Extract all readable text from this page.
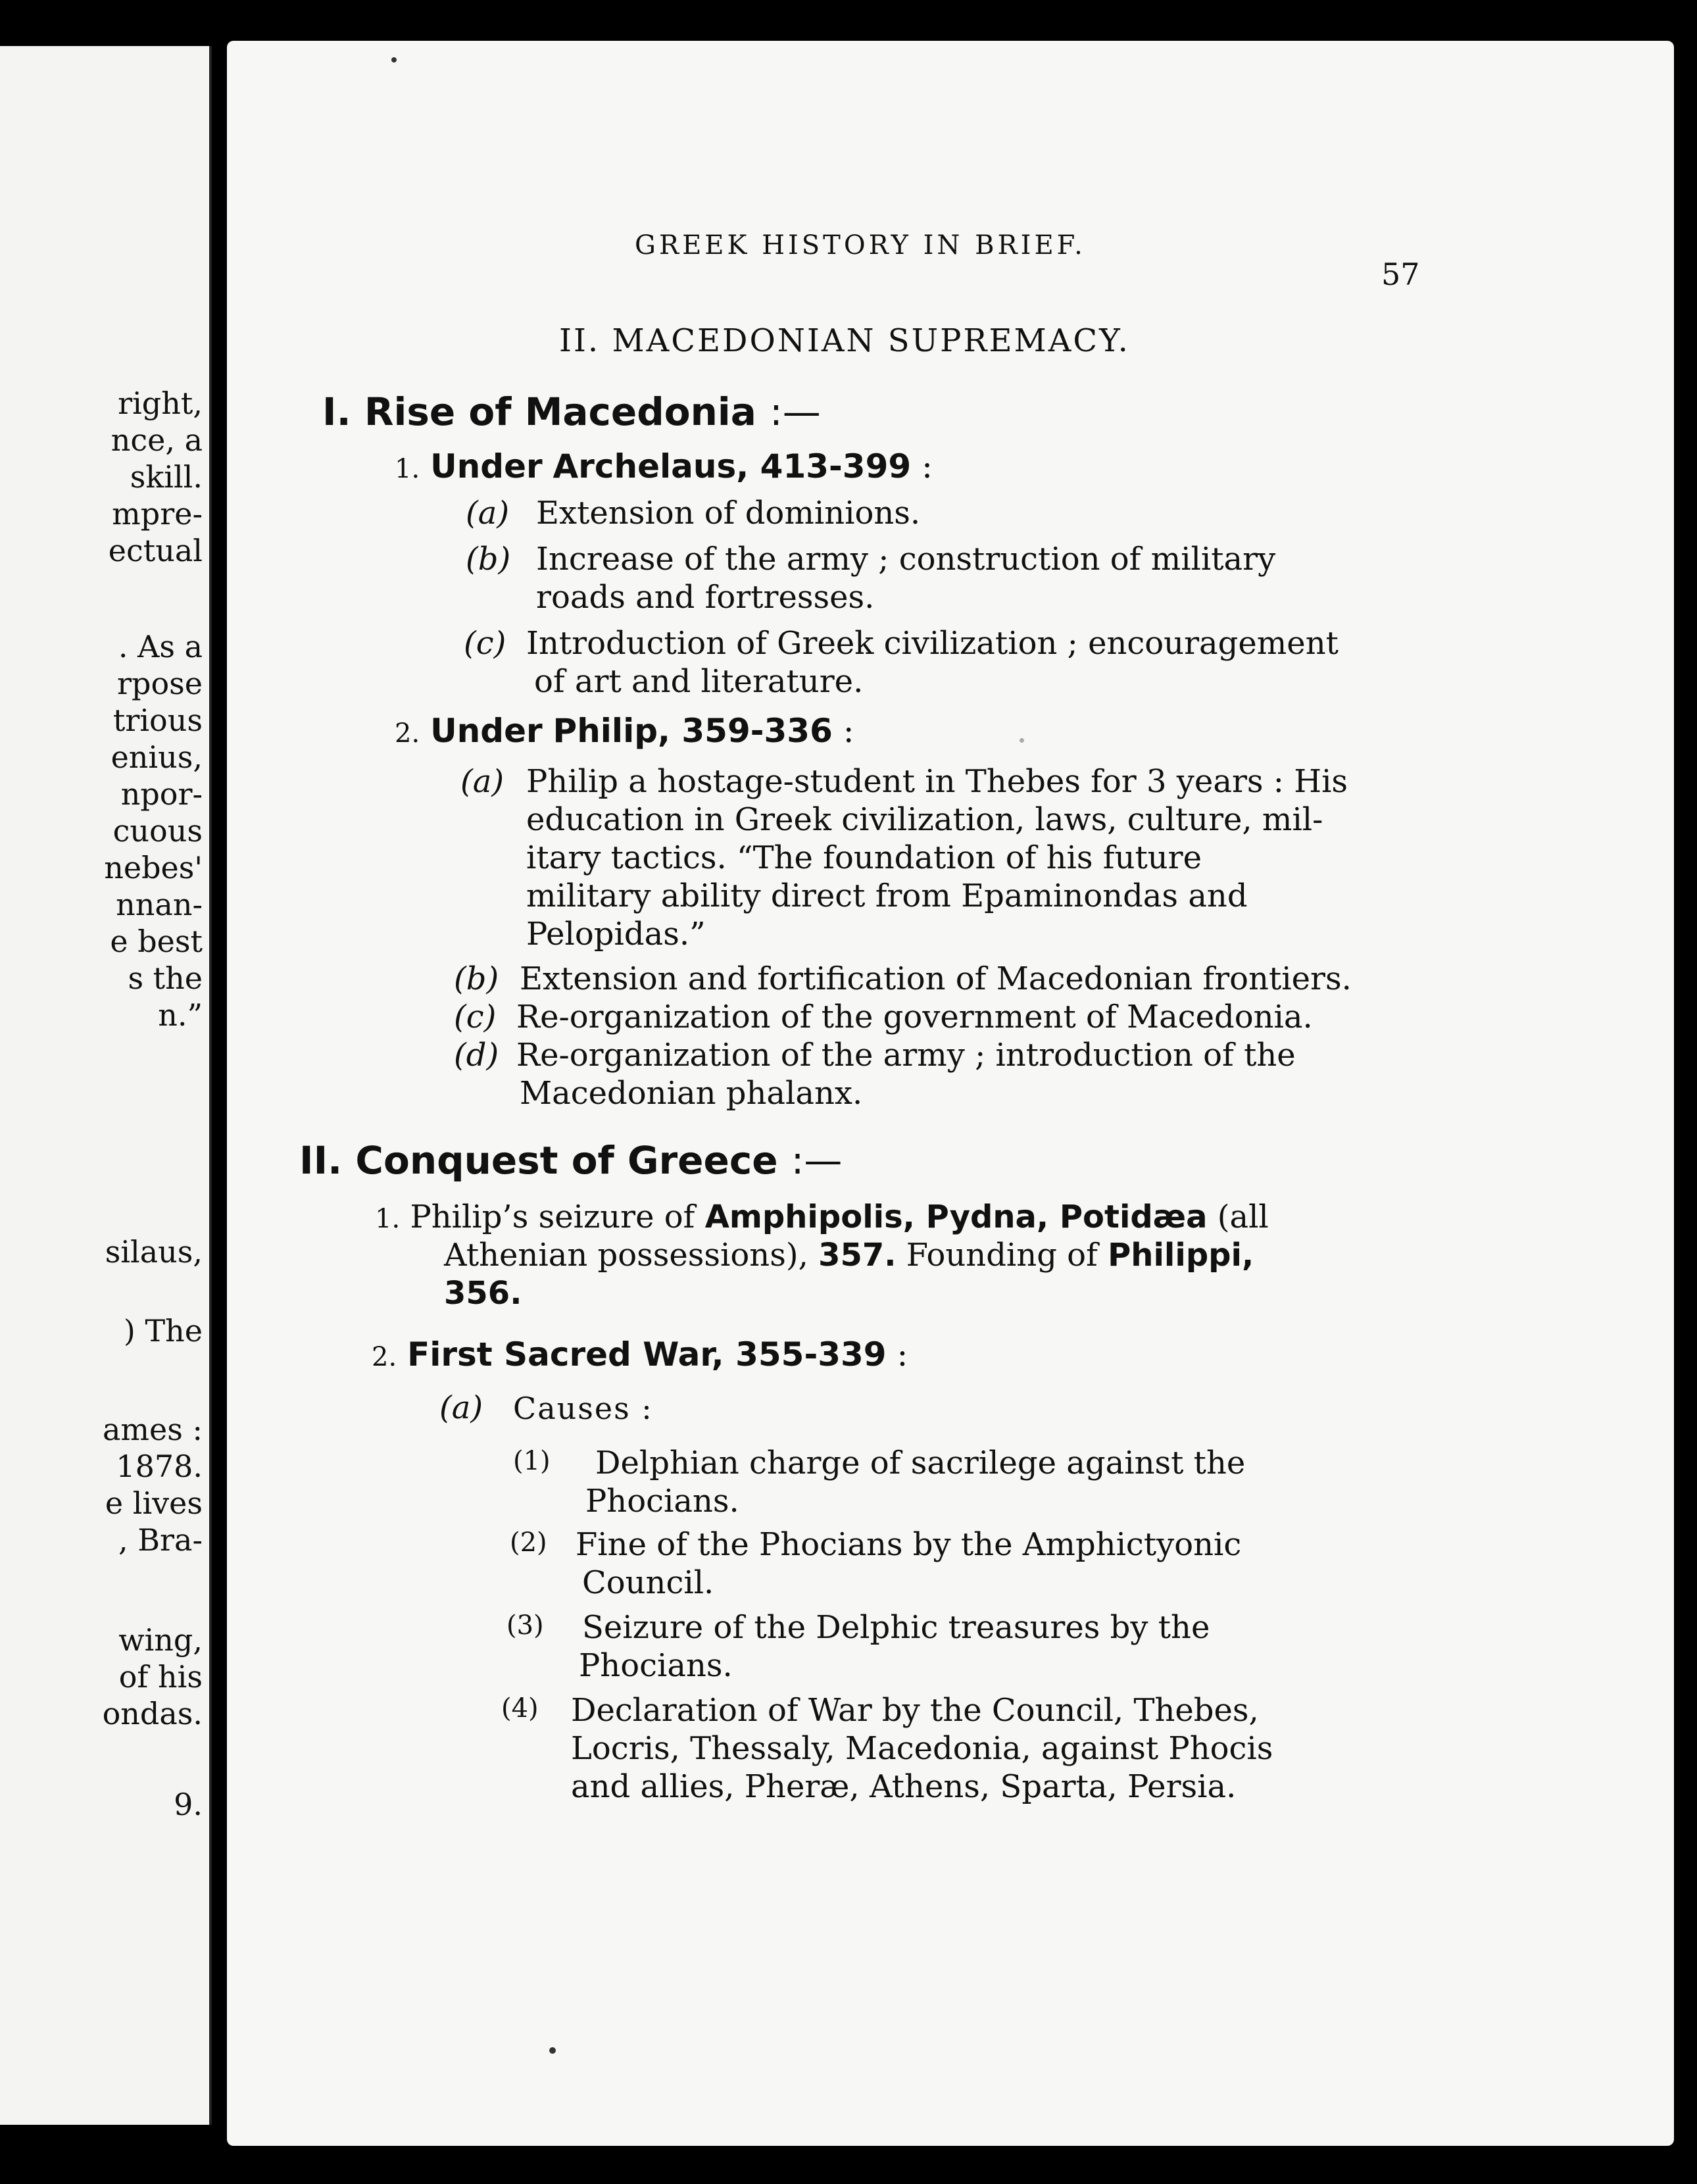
right,
nce, a
skill.
mpre-
ectual
. As a
rpose
trious
enius,
npor-
cuous
nebes'
nnan-
e best
s the
n.”
silaus,
) The
ames :
1878.
e lives
, Bra-
wing,
of his
ondas.
9.
GREEK HISTORY IN BRIEF.
57
II. MACEDONIAN SUPREMACY.
I. Rise of Macedonia :—
1. Under Archelaus, 413-399 :
(a) Extension of dominions.
(b) Increase of the army ; construction of military
roads and fortresses.
(c) Introduction of Greek civilization ; encouragement
of art and literature.
2. Under Philip, 359-336 :
(a) Philip a hostage-student in Thebes for 3 years : His
education in Greek civilization, laws, culture, mil-
itary tactics. “The foundation of his future
military ability direct from Epaminondas and
Pelopidas.”
(b) Extension and fortification of Macedonian frontiers.
(c) Re-organization of the government of Macedonia.
(d) Re-organization of the army ; introduction of the
Macedonian phalanx.
II. Conquest of Greece :—
1. Philip’s seizure of Amphipolis, Pydna, Potidæa (all
Athenian possessions), 357. Founding of Philippi,
356.
2. First Sacred War, 355-339 :
(a) Causes :
(1) Delphian charge of sacrilege against the
Phocians.
(2) Fine of the Phocians by the Amphictyonic
Council.
(3) Seizure of the Delphic treasures by the
Phocians.
(4) Declaration of War by the Council, Thebes,
Locris, Thessaly, Macedonia, against Phocis
and allies, Pheræ, Athens, Sparta, Persia.
